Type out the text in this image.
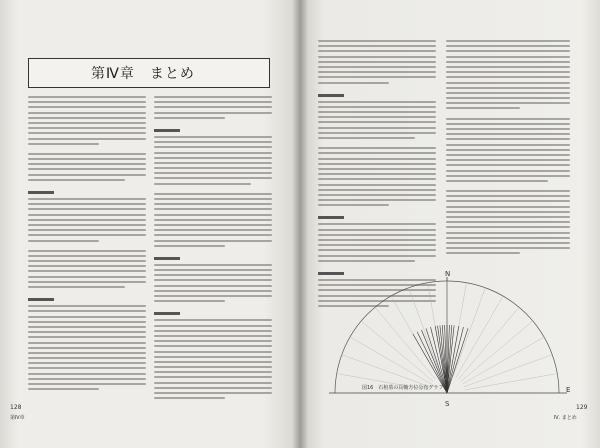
第Ⅳ章　まとめ
128
第Ⅳ章
129
Ⅳ. まとめ
N
E
S
図16　石棺墓の長軸方位分布グラフ
